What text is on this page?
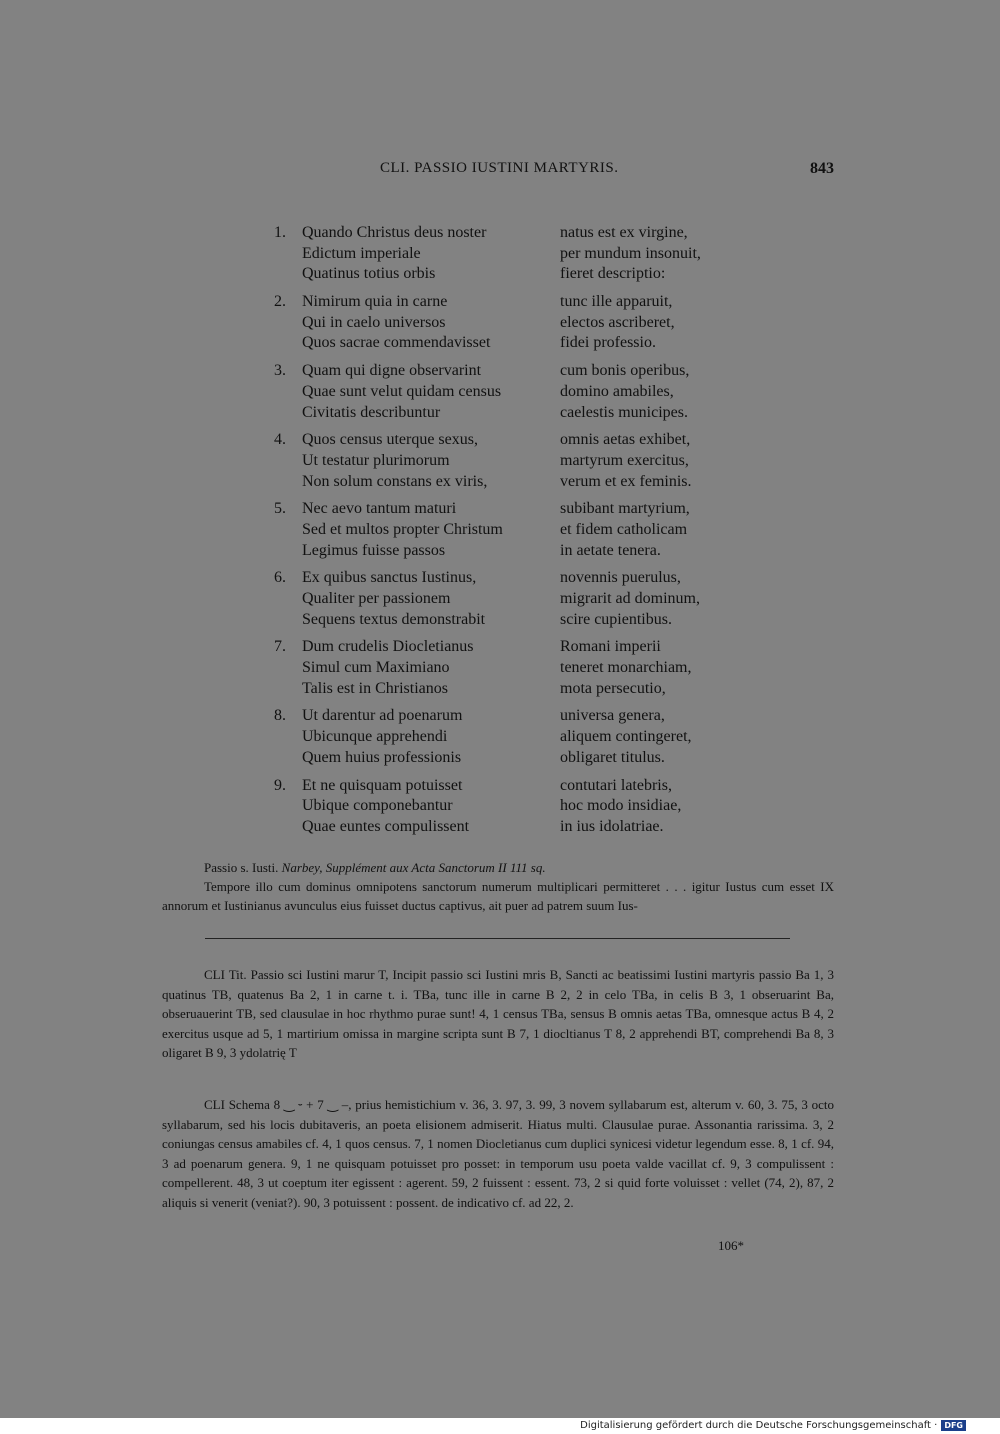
CLI. PASSIO IUSTINI MARTYRIS.	843
1. Quando Christus deus noster	natus est ex virgine,
Edictum imperiale	per mundum insonuit,
Quatinus totius orbis	fieret descriptio:
2. Nimirum quia in carne	tunc ille apparuit,
Qui in caelo universos	electos ascriberet,
Quos sacrae commendavisset	fidei professio.
3. Quam qui digne observarint	cum bonis operibus,
Quae sunt velut quidam census	domino amabiles,
Civitatis describuntur	caelestis municipes.
4. Quos census uterque sexus,	omnis aetas exhibet,
Ut testatur plurimorum	martyrum exercitus,
Non solum constans ex viris,	verum et ex feminis.
5. Nec aevo tantum maturi	subibant martyrium,
Sed et multos propter Christum	et fidem catholicam
Legimus fuisse passos	in aetate tenera.
6. Ex quibus sanctus Iustinus,	novennis puerulus,
Qualiter per passionem	migrarit ad dominum,
Sequens textus demonstrabit	scire cupientibus.
7. Dum crudelis Diocletianus	Romani imperii
Simul cum Maximiano	teneret monarchiam,
Talis est in Christianos	mota persecutio,
8. Ut darentur ad poenarum	universa genera,
Ubicunque apprehendi	aliquem contingeret,
Quem huius professionis	obligaret titulus.
9. Et ne quisquam potuisset	contutari latebris,
Ubique componebantur	hoc modo insidiae,
Quae euntes compulissent	in ius idolatriae.

Passio s. Iusti. Narbey, Supplément aux Acta Sanctorum II 111 sq.

Tempore illo cum dominus omnipotens sanctorum numerum multiplicari permitteret . . . igitur Iustus cum esset IX annorum et Iustinianus avunculus eius fuisset ductus captivus, ait puer ad patrem suum Ius-

CLI Tit. Passio sci Iustini marur T, Incipit passio sci Iustini mris B, Sancti ac beatissimi Iustini martyris passio Ba 1, 3 quatinus TB, quatenus Ba 2, 1 in carne t. i. TBa, tunc ille in carne B 2, 2 in celo TBa, in celis B 3, 1 obseruarint Ba, obseruauerint TB, sed clausulae in hoc rhythmo purae sunt! 4, 1 census TBa, sensus B omnis aetas TBa, omnesque actus B 4, 2 exercitus usque ad 5, 1 martirium omissa in margine scripta sunt B 7, 1 diocltianus T 8, 2 apprehendi BT, comprehendi Ba 8, 3 oligaret B 9, 3 ydolatrię T

CLI Schema 8 ‿ ⏑ + 7 ‿ –, prius hemistichium v. 36, 3. 97, 3. 99, 3 novem syllabarum est, alterum v. 60, 3. 75, 3 octo syllabarum, sed his locis dubitaveris, an poeta elisionem admiserit. Hiatus multi. Clausulae purae. Assonantia rarissima. 3, 2 coniungas census amabiles cf. 4, 1 quos census. 7, 1 nomen Diocletianus cum duplici synicesi videtur legendum esse. 8, 1 cf. 94, 3 ad poenarum genera. 9, 1 ne quisquam potuisset pro posset: in temporum usu poeta valde vacillat cf. 9, 3 compulissent : compellerent. 48, 3 ut coeptum iter egissent : agerent. 59, 2 fuissent : essent. 73, 2 si quid forte voluisset : vellet (74, 2), 87, 2 aliquis si venerit (veniat?). 90, 3 potuissent : possent. de indicativo cf. ad 22, 2.

106*
Digitalisierung gefördert durch die Deutsche Forschungsgemeinschaft · DFG
